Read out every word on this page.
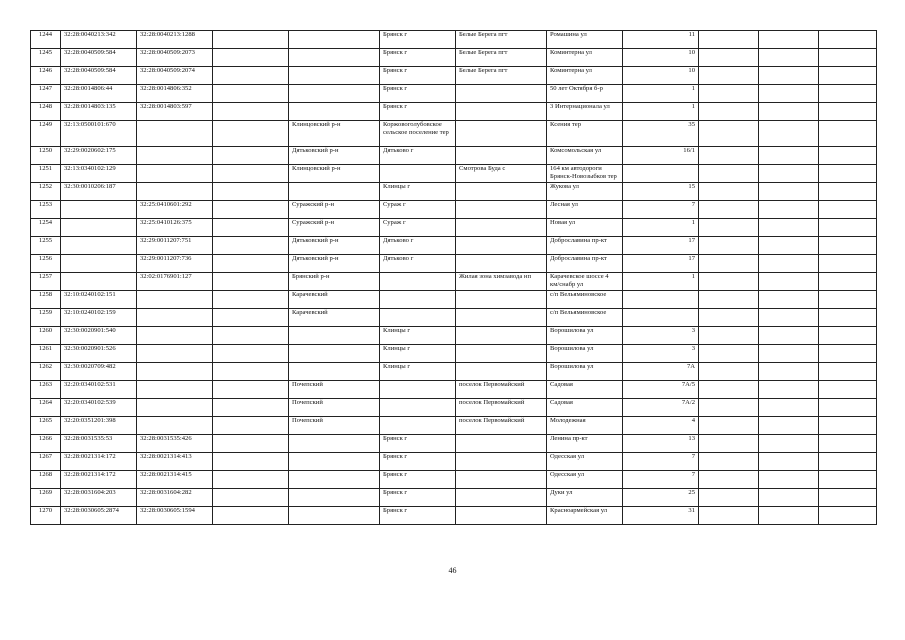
1244	32:28:0040213:342	32:28:0040213:1288			Брянск г	Белые Берега пгт	Ромашина ул	11			
1245	32:28:0040509:584	32:28:0040509:2073			Брянск г	Белые Берега пгт	Коминтерна ул	10			
1246	32:28:0040509:584	32:28:0040509:2074			Брянск г	Белые Берега пгт	Коминтерна ул	10			
1247	32:28:0014806:44	32:28:0014806:352			Брянск г		50 лет Октября б-р	1			
1248	32:28:0014803:135	32:28:0014803:597			Брянск г		3 Интернационала ул	1			
1249	32:13:0500101:670			Клинцовский р-н	Коржовоголубовское сельское поселение тер		Ксения тер	35			
1250	32:29:0020602:175			Дятьковский р-н	Дятьково г		Комсомольская ул	16/1			
1251	32:13:0340102:129			Клинцовский р-н		Смотрова Буда с	164 км автодороги Брянск-Новозыбков тер				
1252	32:30:0010206:187				Клинцы г		Жукова ул	15			
1253		32:25:0410601:292		Суражский р-н	Сураж г		Лесная ул	7			
1254		32:25:0410126:375		Суражский р-н	Сураж г		Новая ул	1			
1255		32:29:0011207:751		Дятьковский р-н	Дятьково г		Доброславина пр-кт	17			
1256		32:29:0011207:736		Дятьковский р-н	Дятьково г		Доброславина пр-кт	17			
1257		32:02:0176901:127		Брянский р-н		Жилая зона химзавода нп	Карачевское шоссе 4 км/снабр ул	1			
1258	32:10:0240102:151			Карачевский			с/п Вельяминовское				
1259	32:10:0240102:159			Карачевский			с/п Вельяминовское				
1260	32:30:0020901:540				Клинцы г		Ворошилова ул	3			
1261	32:30:0020901:526				Клинцы г		Ворошилова ул	3			
1262	32:30:0020709:482				Клинцы г		Ворошилова ул	7А			
1263	32:20:0340102:531			Почепский		поселок Первомайский	Садовая	7А/5			
1264	32:20:0340102:539			Почепский		поселок Первомайский	Садовая	7А/2			
1265	32:20:0351201:398			Почепский		поселок Первомайский	Молодежная	4			
1266	32:28:0031535:53	32:28:0031535:426			Брянск г		Ленина пр-кт	13			
1267	32:28:0021314:172	32:28:0021314:413			Брянск г		Одесская ул	7			
1268	32:28:0021314:172	32:28:0021314:415			Брянск г		Одесская ул	7			
1269	32:28:0031604:203	32:28:0031604:282			Брянск г		Дуки ул	25			
1270	32:28:0030605:2874	32:28:0030605:1594			Брянск г		Красноармейская ул	31			
46
